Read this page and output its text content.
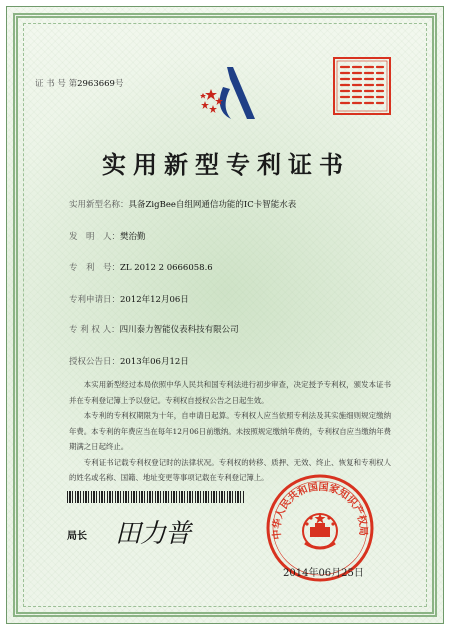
证 书 号 第2963669号
实用新型专利证书
实用新型名称：具备ZigBee自组网通信功能的IC卡智能水表
发　明　人：樊治勤
专　利　号：ZL 2012 2 0666058.6
专利申请日：2012年12月06日
专 利 权 人：四川泰力智能仪表科技有限公司
授权公告日：2013年06月12日

本实用新型经过本局依照中华人民共和国专利法进行初步审查，决定授予专利权，颁发本证书并在专利登记簿上予以登记。专利权自授权公告之日起生效。

本专利的专利权期限为十年，自申请日起算。专利权人应当依照专利法及其实施细则规定缴纳年费。本专利的年费应当在每年12月06日前缴纳。未按照规定缴纳年费的，专利权自应当缴纳年费期满之日起终止。

专利证书记载专利权登记时的法律状况。专利权的转移、质押、无效、终止、恢复和专利权人的姓名或名称、国籍、地址变更等事项记载在专利登记簿上。

局长 田力普	中华人民共和国国家知识产权局
2014年06月25日
